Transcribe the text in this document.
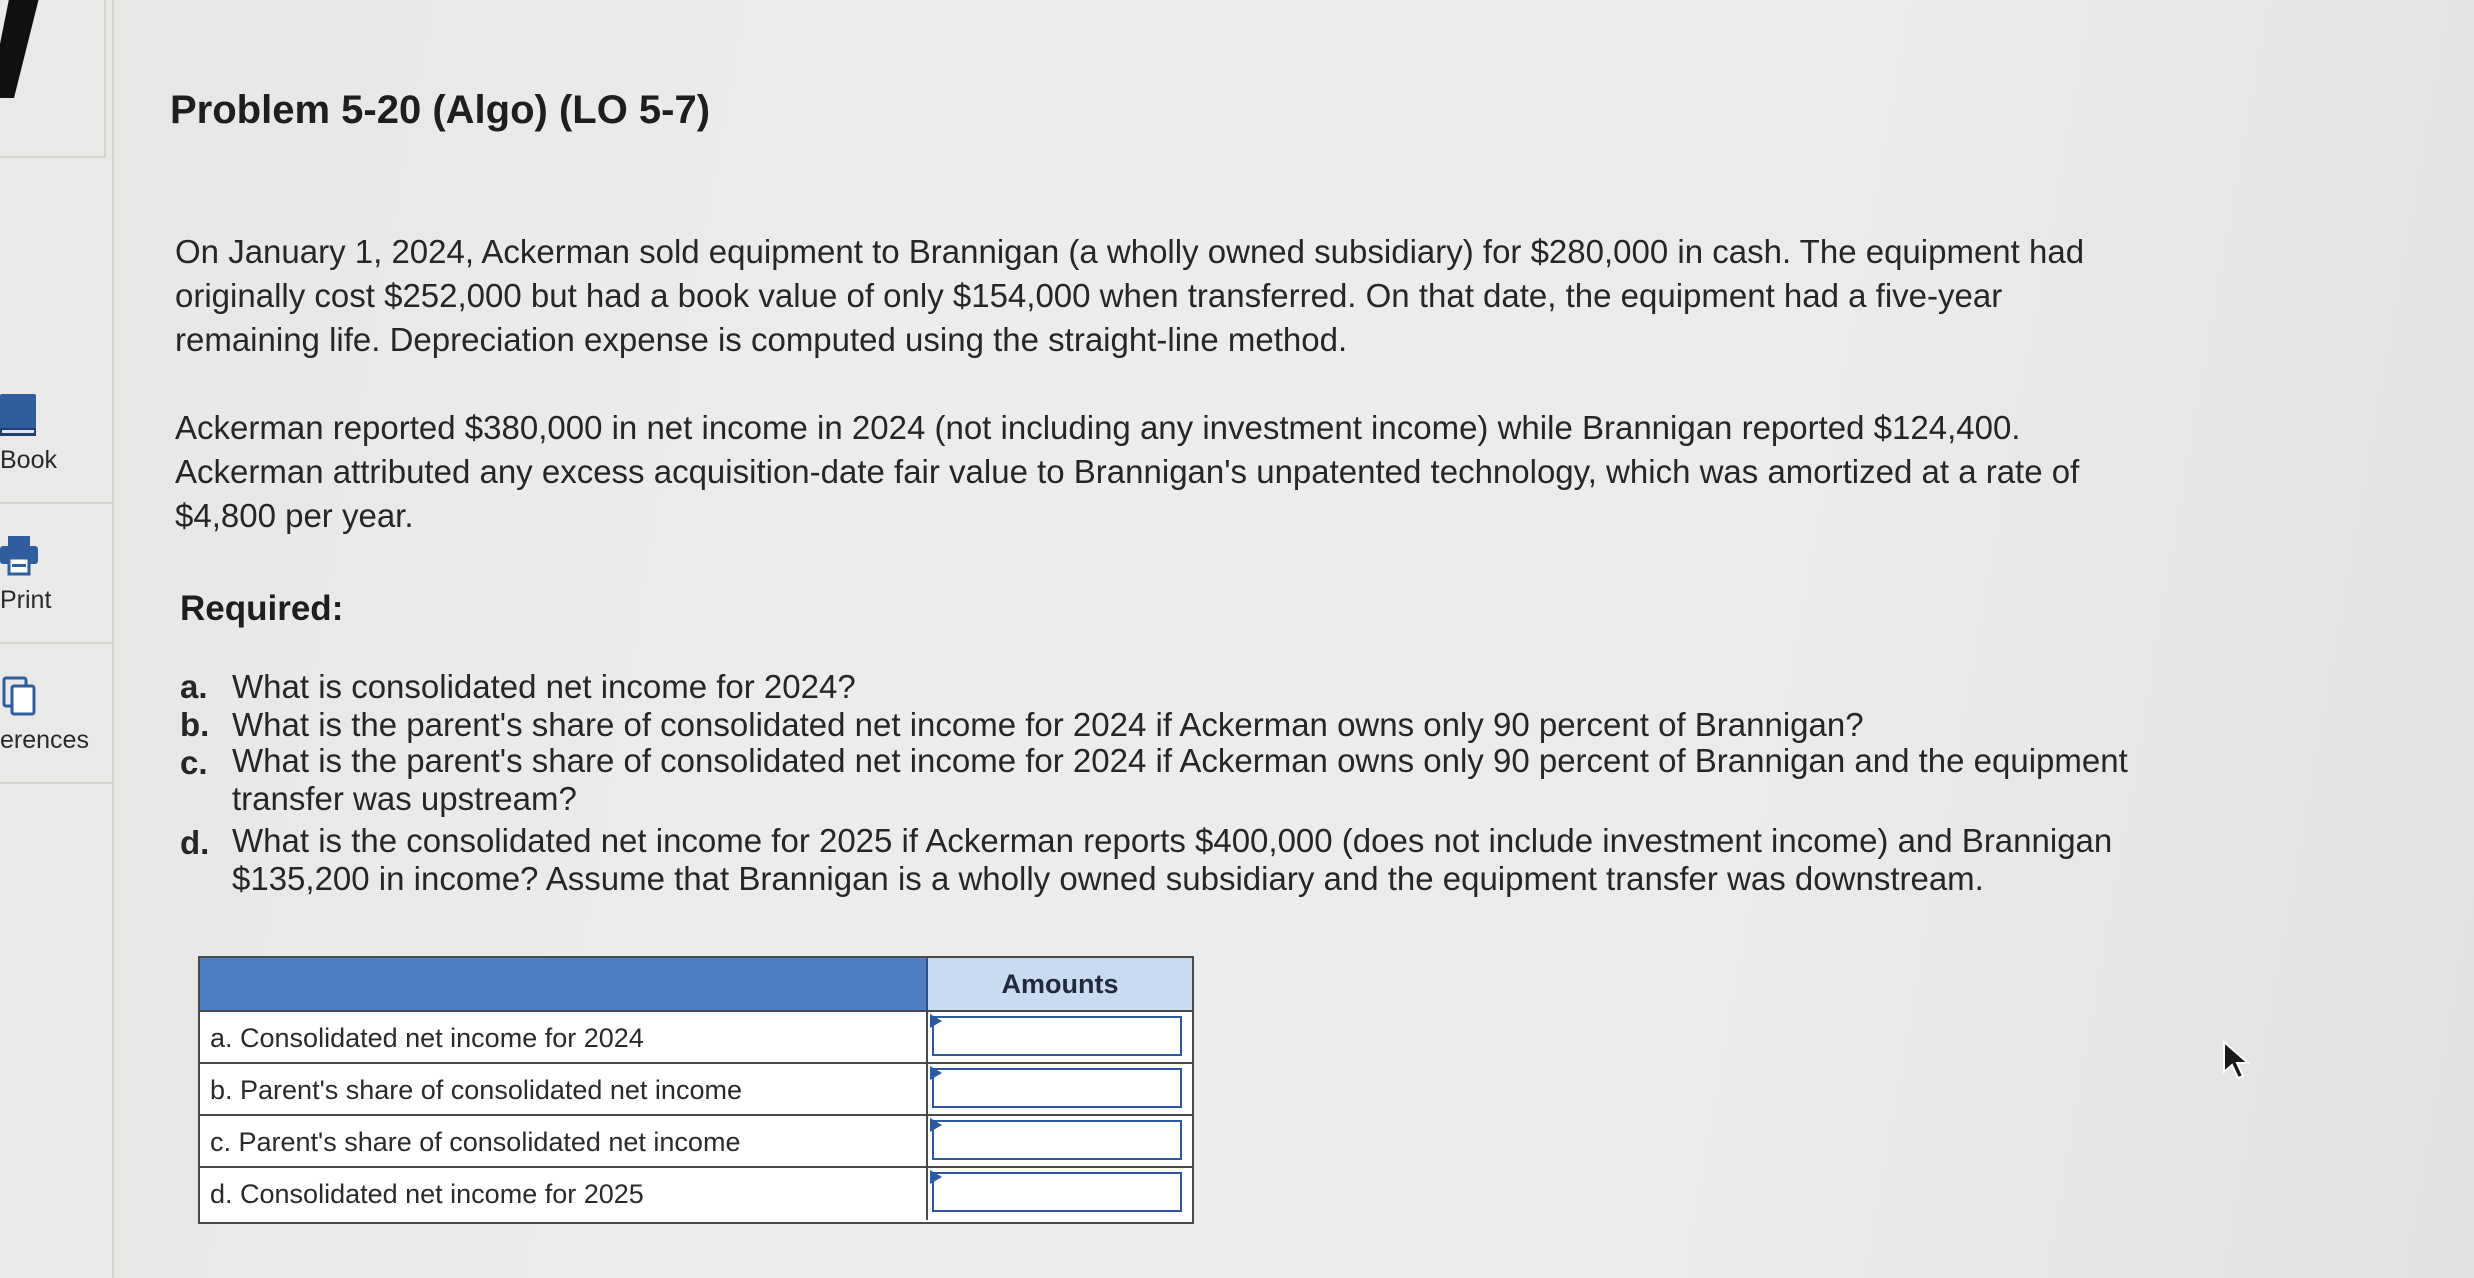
Book
Print
erences
Problem 5-20 (Algo) (LO 5-7)
On January 1, 2024, Ackerman sold equipment to Brannigan (a wholly owned subsidiary) for $280,000 in cash. The equipment had
originally cost $252,000 but had a book value of only $154,000 when transferred. On that date, the equipment had a five-year
remaining life. Depreciation expense is computed using the straight-line method.
Ackerman reported $380,000 in net income in 2024 (not including any investment income) while Brannigan reported $124,400.
Ackerman attributed any excess acquisition-date fair value to Brannigan's unpatented technology, which was amortized at a rate of
$4,800 per year.
Required:
a. What is consolidated net income for 2024?
b. What is the parent's share of consolidated net income for 2024 if Ackerman owns only 90 percent of Brannigan?
c. What is the parent's share of consolidated net income for 2024 if Ackerman owns only 90 percent of Brannigan and the equipment
transfer was upstream?
d. What is the consolidated net income for 2025 if Ackerman reports $400,000 (does not include investment income) and Brannigan
$135,200 in income? Assume that Brannigan is a wholly owned subsidiary and the equipment transfer was downstream.
Amounts
a. Consolidated net income for 2024
b. Parent's share of consolidated net income
c. Parent's share of consolidated net income
d. Consolidated net income for 2025
